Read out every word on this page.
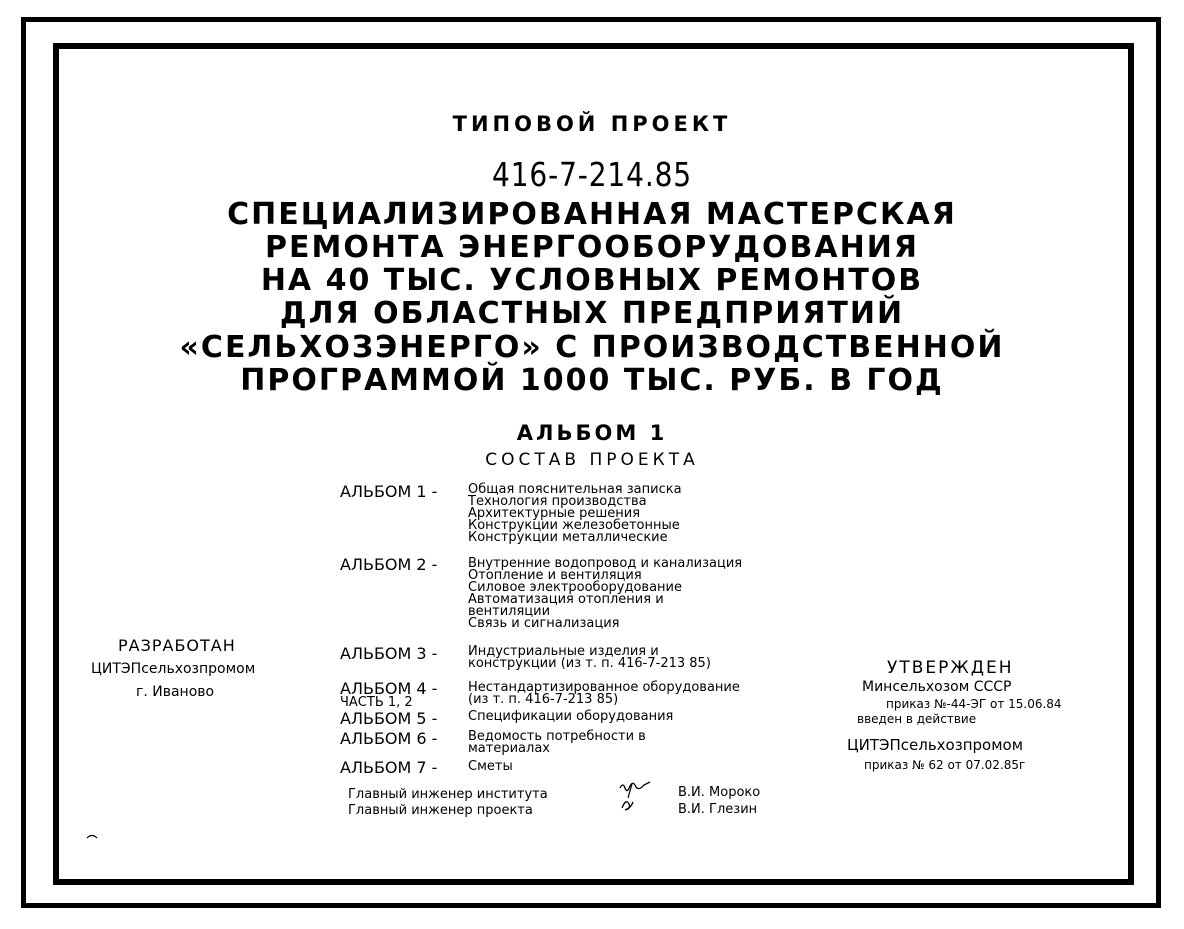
ТИПОВОЙ ПРОЕКТ
416-7-214.85
СПЕЦИАЛИЗИРОВАННАЯ МАСТЕРСКАЯ
РЕМОНТА ЭНЕРГООБОРУДОВАНИЯ
НА 40 ТЫС. УСЛОВНЫХ РЕМОНТОВ
ДЛЯ ОБЛАСТНЫХ ПРЕДПРИЯТИЙ
«СЕЛЬХОЗЭНЕРГО» С ПРОИЗВОДСТВЕННОЙ
ПРОГРАММОЙ 1000 ТЫС. РУБ. В ГОД
АЛЬБОМ 1
СОСТАВ ПРОЕКТА
АЛЬБОМ 1 - Общая пояснительная записка
Технология производства
Архитектурные решения
Конструкции железобетонные
Конструкции металлические
АЛЬБОМ 2 - Внутренние водопровод и канализация
Отопление и вентиляция
Силовое электрооборудование
Автоматизация отопления и
вентиляции
Связь и сигнализация
АЛЬБОМ 3 - Индустриальные изделия и
конструкции (из т. п. 416-7-213 85)
АЛЬБОМ 4 -
ЧАСТЬ 1, 2
Нестандартизированное оборудование
(из т. п. 416-7-213 85)
АЛЬБОМ 5 - Спецификации оборудования
АЛЬБОМ 6 - Ведомость потребности в
материалах
АЛЬБОМ 7 - Сметы
РАЗРАБОТАН
ЦИТЭПсельхозпромом
г. Иваново
УТВЕРЖДЕН
Минсельхозом СССР
приказ №-44-ЭГ от 15.06.84
введен в действие
ЦИТЭПсельхозпромом
приказ № 62 от 07.02.85г
Главный инженер института
Главный инженер проекта
В.И. Мороко
В.И. Глезин
